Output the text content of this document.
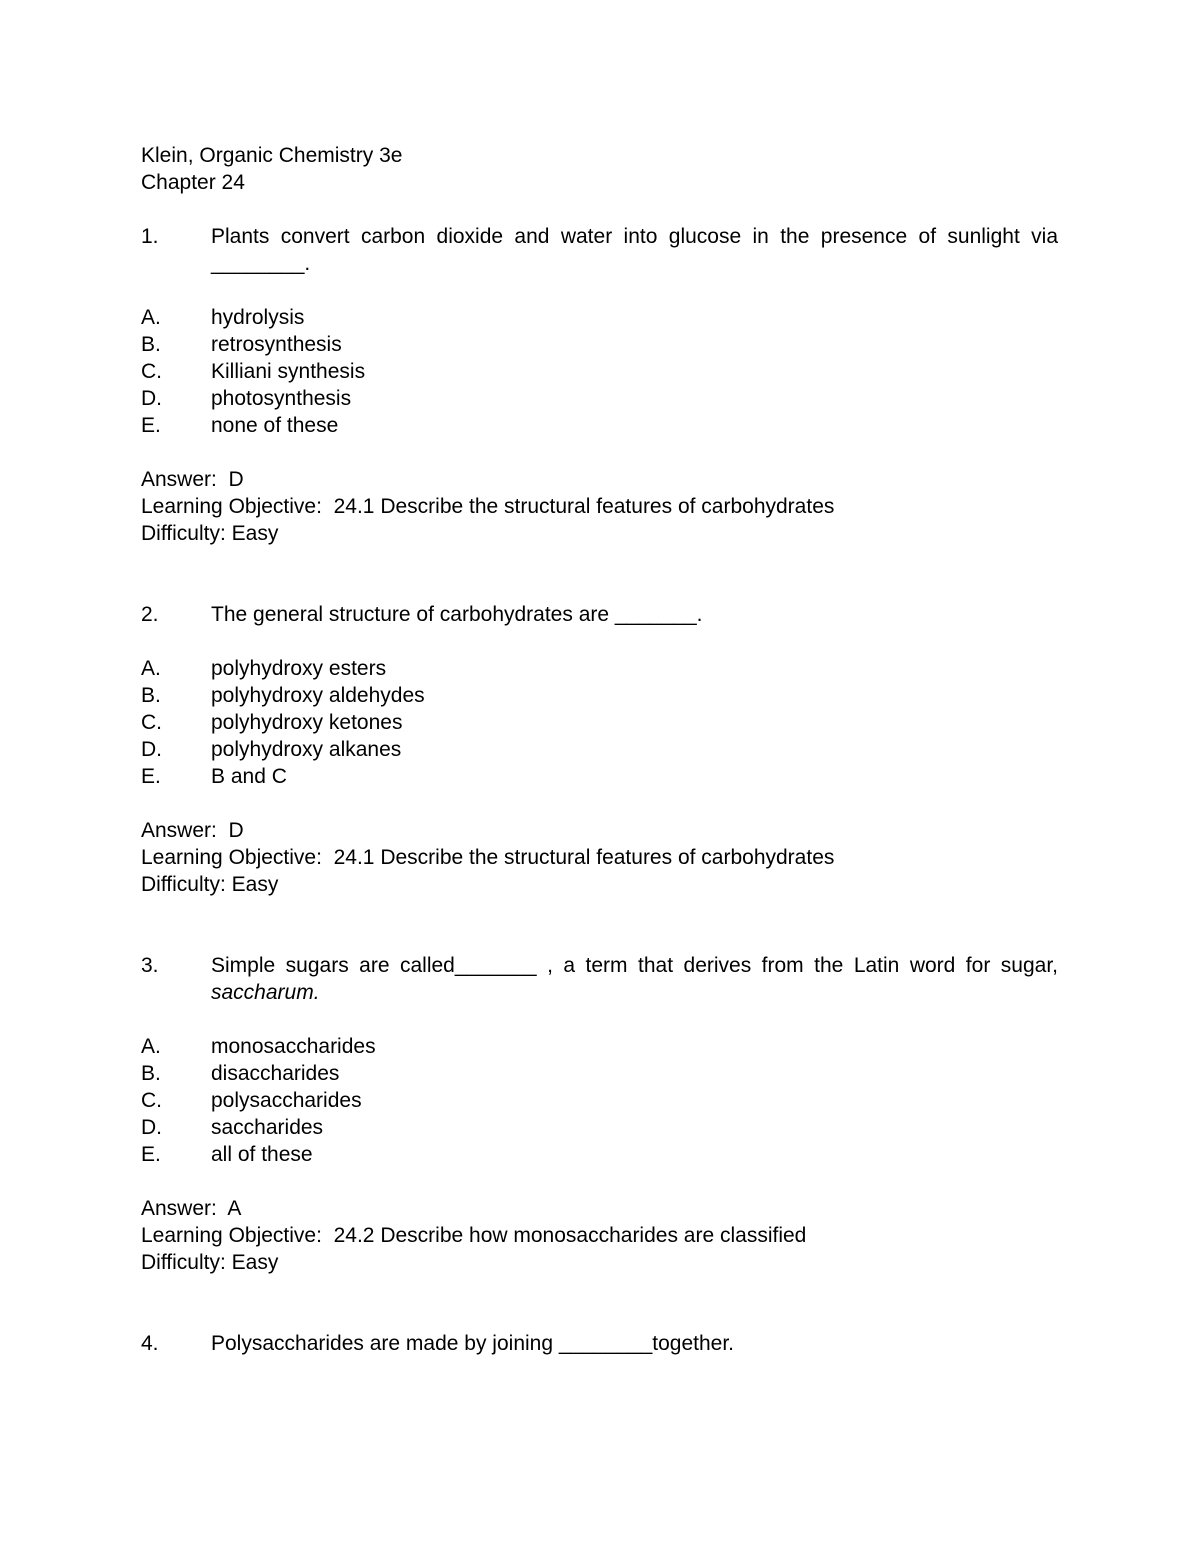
Klein, Organic Chemistry 3e
Chapter 24
1.	Plants convert carbon dioxide and water into glucose in the presence of sunlight via ________.
A.	hydrolysis
B.	retrosynthesis
C.	Killiani synthesis
D.	photosynthesis
E.	none of these
Answer:  D
Learning Objective:  24.1 Describe the structural features of carbohydrates
Difficulty: Easy
2.	The general structure of carbohydrates are _______.
A.	polyhydroxy esters
B.	polyhydroxy aldehydes
C.	polyhydroxy ketones
D.	polyhydroxy alkanes
E.	B and C
Answer:  D
Learning Objective:  24.1 Describe the structural features of carbohydrates
Difficulty: Easy
3.	Simple sugars are called_______ , a term that derives from the Latin word for sugar, saccharum.
A.	monosaccharides
B.	disaccharides
C.	polysaccharides
D.	saccharides
E.	all of these
Answer:  A
Learning Objective:  24.2 Describe how monosaccharides are classified
Difficulty: Easy
4.	Polysaccharides are made by joining ________together.
